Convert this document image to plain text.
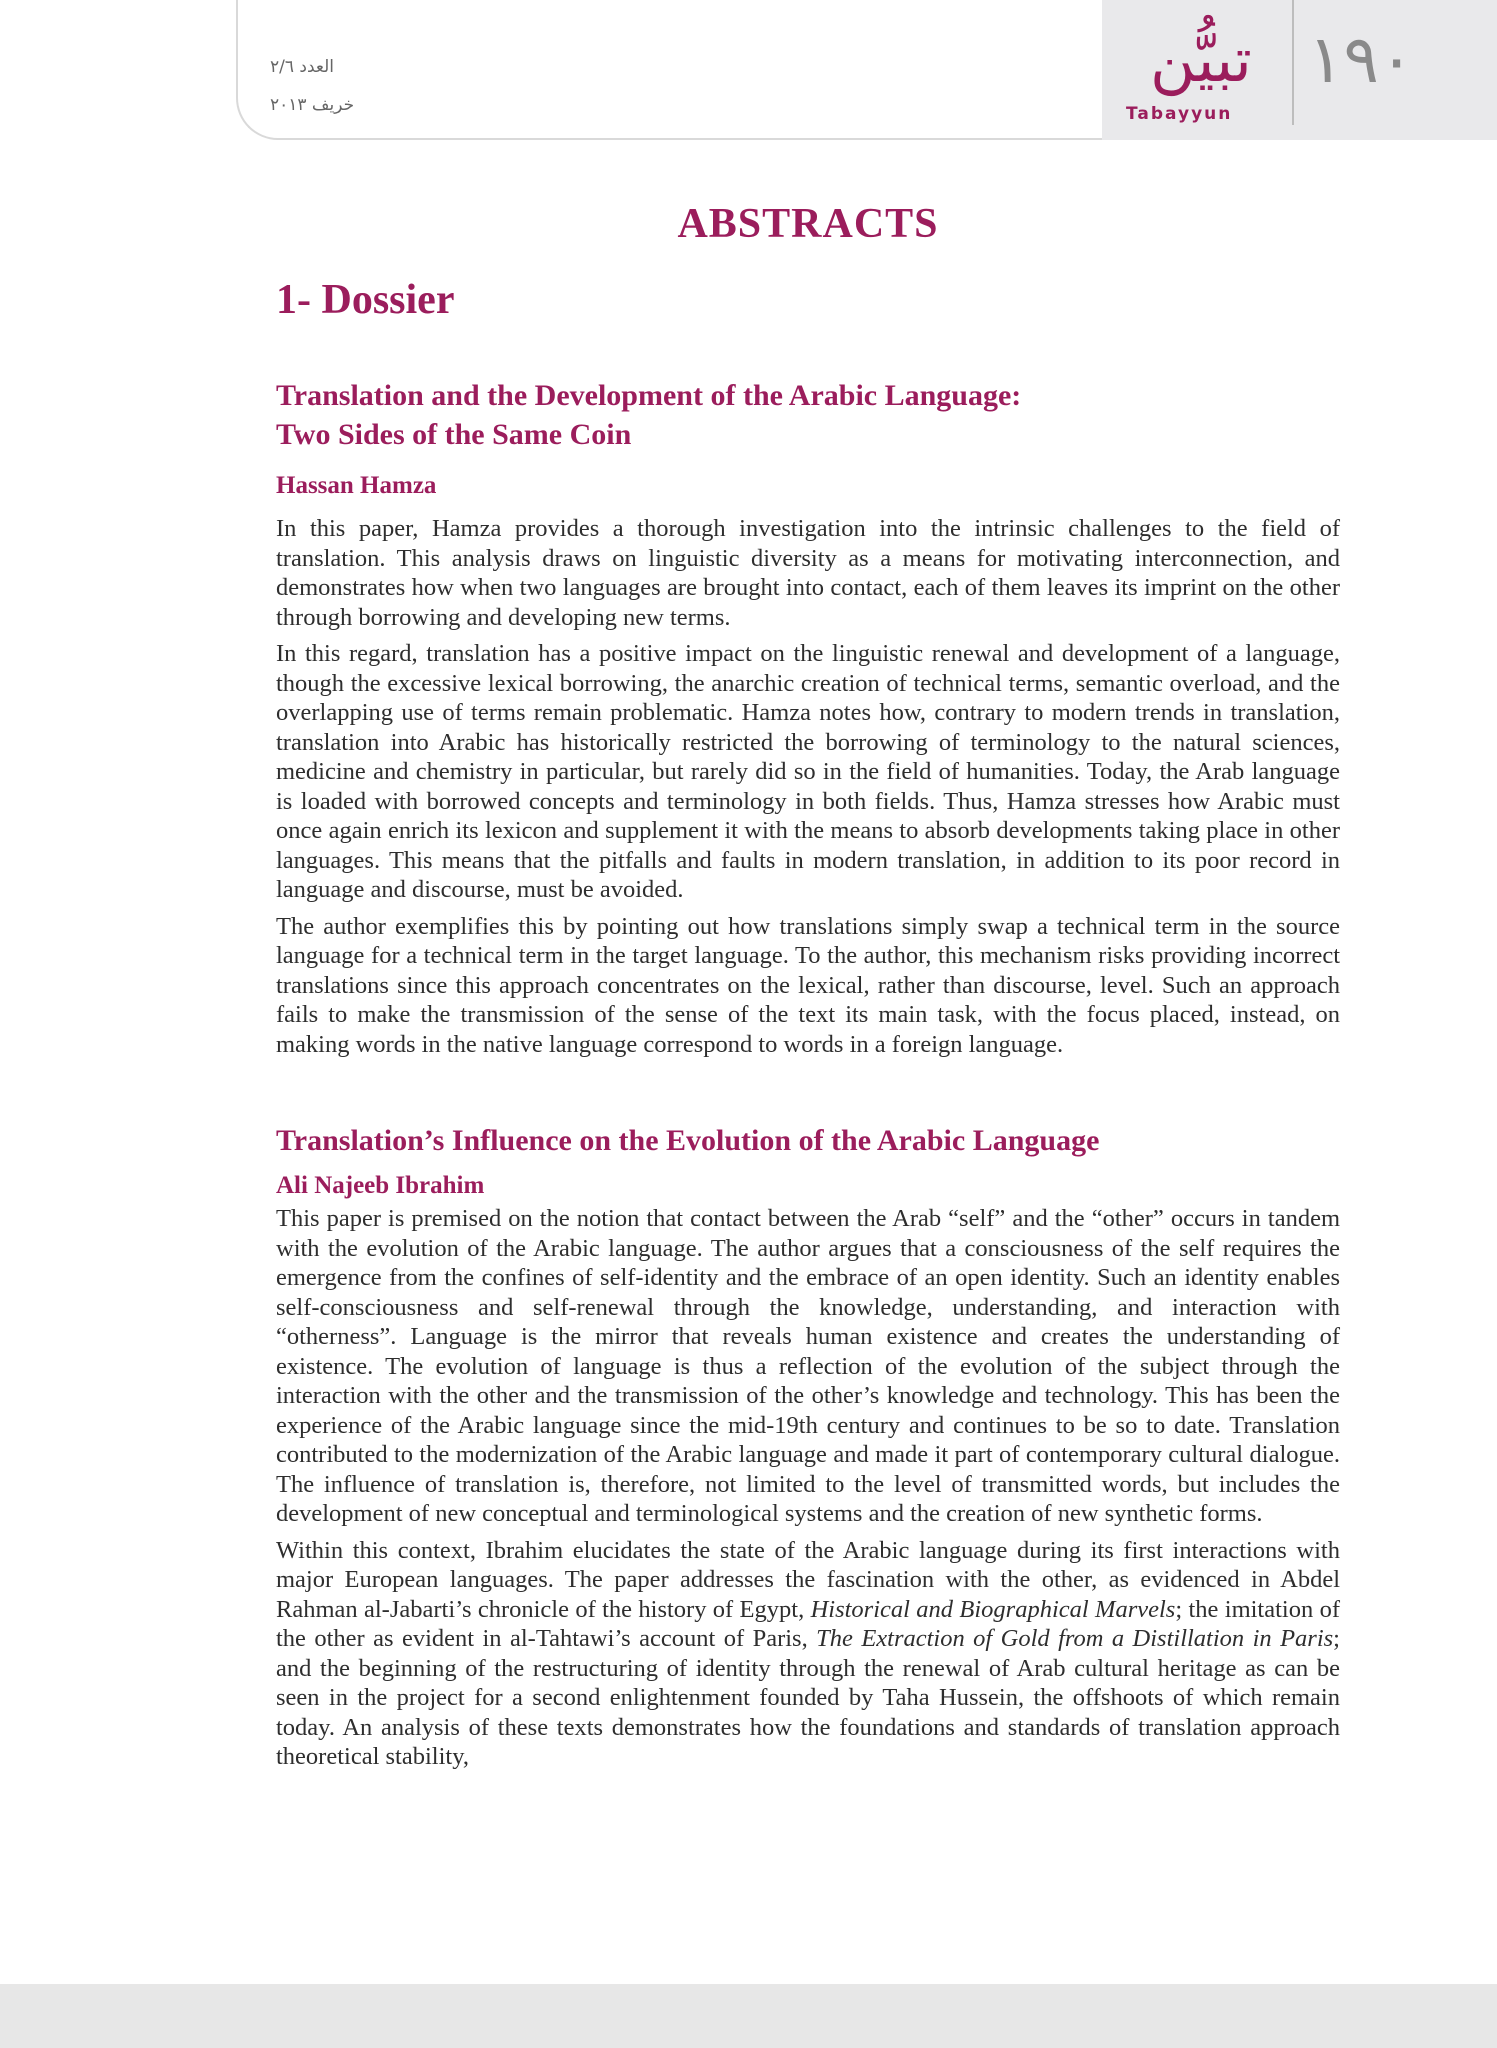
العدد ٢/٦
خريف ٢٠١٣
تبيُّن
Tabayyun
١٩٠
ABSTRACTS
1- Dossier
Translation and the Development of the Arabic Language:
Two Sides of the Same Coin
Hassan Hamza

In this paper, Hamza provides a thorough investigation into the intrinsic challenges to the field of translation. This analysis draws on linguistic diversity as a means for motivating interconnection, and demonstrates how when two languages are brought into contact, each of them leaves its imprint on the other through borrowing and developing new terms.

In this regard, translation has a positive impact on the linguistic renewal and development of a language, though the excessive lexical borrowing, the anarchic creation of technical terms, semantic overload, and the overlapping use of terms remain problematic. Hamza notes how, contrary to modern trends in translation, translation into Arabic has historically restricted the borrowing of terminology to the natural sciences, medicine and chemistry in particular, but rarely did so in the field of humanities. Today, the Arab language is loaded with borrowed concepts and terminology in both fields. Thus, Hamza stresses how Arabic must once again enrich its lexicon and supplement it with the means to absorb developments taking place in other languages. This means that the pitfalls and faults in modern translation, in addition to its poor record in language and discourse, must be avoided.

The author exemplifies this by pointing out how translations simply swap a technical term in the source language for a technical term in the target language. To the author, this mechanism risks providing incorrect translations since this approach concentrates on the lexical, rather than discourse, level. Such an approach fails to make the transmission of the sense of the text its main task, with the focus placed, instead, on making words in the native language correspond to words in a foreign language.

Translation’s Influence on the Evolution of the Arabic Language
Ali Najeeb Ibrahim

This paper is premised on the notion that contact between the Arab “self” and the “other” occurs in tandem with the evolution of the Arabic language. The author argues that a consciousness of the self requires the emergence from the confines of self-identity and the embrace of an open identity. Such an identity enables self-consciousness and self-renewal through the knowledge, understanding, and interaction with “otherness”. Language is the mirror that reveals human existence and creates the understanding of existence. The evolution of language is thus a reflection of the evolution of the subject through the interaction with the other and the transmission of the other’s knowledge and technology. This has been the experience of the Arabic language since the mid-19th century and continues to be so to date. Translation contributed to the modernization of the Arabic language and made it part of contemporary cultural dialogue. The influence of translation is, therefore, not limited to the level of transmitted words, but includes the development of new conceptual and terminological systems and the creation of new synthetic forms.

Within this context, Ibrahim elucidates the state of the Arabic language during its first interactions with major European languages. The paper addresses the fascination with the other, as evidenced in Abdel Rahman al-Jabarti’s chronicle of the history of Egypt, Historical and Biographical Marvels; the imitation of the other as evident in al-Tahtawi’s account of Paris, The Extraction of Gold from a Distillation in Paris; and the beginning of the restructuring of identity through the renewal of Arab cultural heritage as can be seen in the project for a second enlightenment founded by Taha Hussein, the offshoots of which remain today. An analysis of these texts demonstrates how the foundations and standards of translation approach theoretical stability,
